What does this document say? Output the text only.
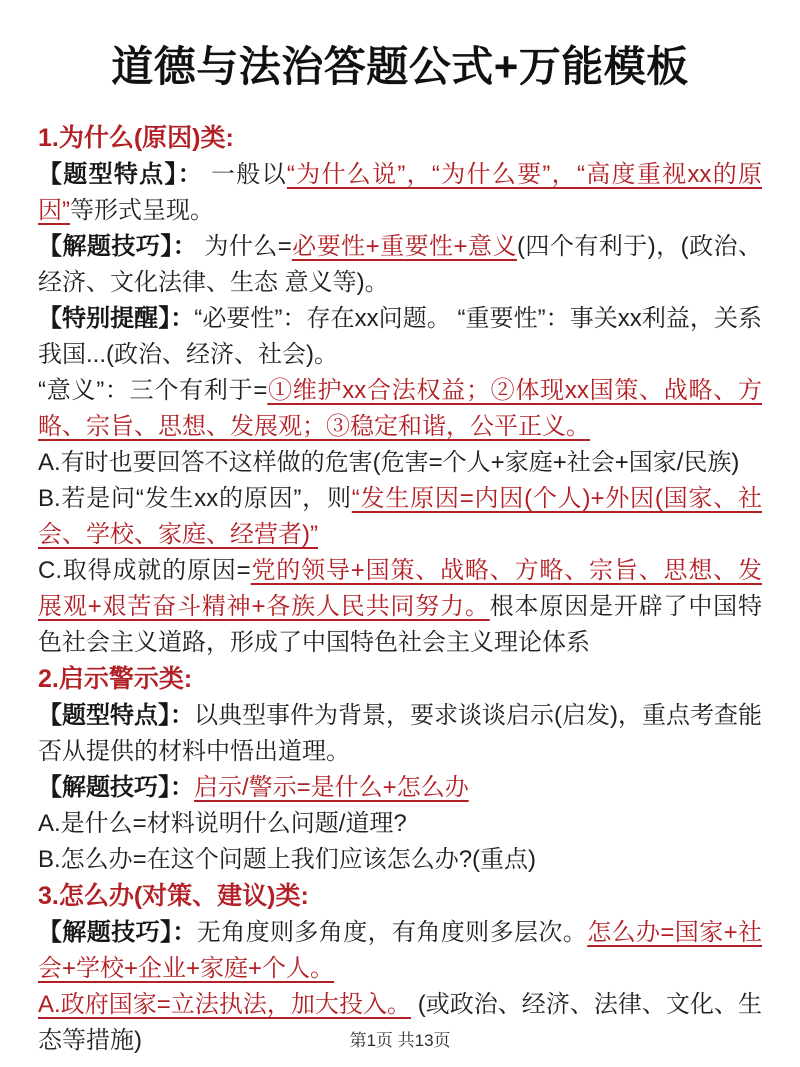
道德与法治答题公式+万能模板

1.为什么(原因)类:

【题型特点】： 一般以“为什么说”，“为什么要”，“高度重视xx的原因”等形式呈现。

【解题技巧】： 为什么=必要性+重要性+意义(四个有利于)，(政治、经济、文化法律、生态 意义等)。

【特别提醒】：“必要性”：存在xx问题。 “重要性”：事关xx利益，关系我国...(政治、经济、社会)。

“意义”：三个有利于=①维护xx合法权益；②体现xx国策、战略、方略、宗旨、思想、发展观；③稳定和谐，公平正义。

A.有时也要回答不这样做的危害(危害=个人+家庭+社会+国家/民族)

B.若是问“发生xx的原因”，则“发生原因=内因(个人)+外因(国家、社会、学校、家庭、经营者)”

C.取得成就的原因=党的领导+国策、战略、方略、宗旨、思想、发展观+艰苦奋斗精神+各族人民共同努力。根本原因是开辟了中国特色社会主义道路，形成了中国特色社会主义理论体系

2.启示警示类:

【题型特点】：以典型事件为背景，要求谈谈启示(启发)，重点考查能否从提供的材料中悟出道理。

【解题技巧】：启示/警示=是什么+怎么办

A.是什么=材料说明什么问题/道理?

B.怎么办=在这个问题上我们应该怎么办?(重点)

3.怎么办(对策、建议)类:

【解题技巧】：无角度则多角度，有角度则多层次。怎么办=国家+社会+学校+企业+家庭+个人。

A.政府国家=立法执法，加大投入。 (或政治、经济、法律、文化、生态等措施)	第1页 共13页
